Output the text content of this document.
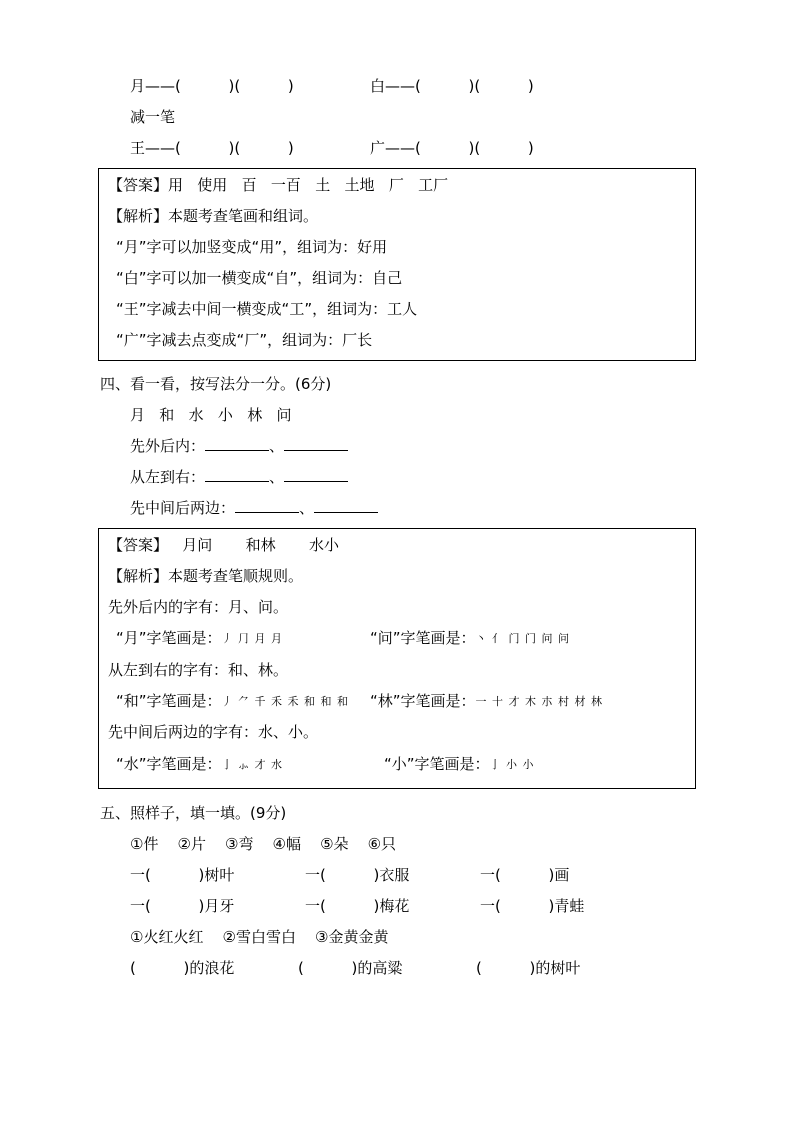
月——(          )(          )	白——(          )(          )
减一笔
王——(          )(          )	广——(          )(          )
【答案】用   使用   百   一百   土   土地   厂   工厂
【解析】本题考查笔画和组词。
“月”字可以加竖变成“用”，组词为：好用
“白”字可以加一横变成“自”，组词为：自己
“王”字减去中间一横变成“工”，组词为：工人
“广”字减去点变成“厂”，组词为：厂长
四、看一看，按写法分一分。(6分)
月   和   水   小   林   问
先外后内：	、
从左到右：	、
先中间后两边：	、
【答案】   月问       和林       水小
【解析】本题考查笔顺规则。
先外后内的字有：月、问。
“月”字笔画是：丿 ⺆ 月 月	“问”字笔画是：丶 亻 门 门 问 问
从左到右的字有：和、林。
“和”字笔画是：丿 ⺈ 千 禾 禾 和 和 和 “林”字笔画是：一 十 才 木 朩 村 材 林
先中间后两边的字有：水、小。
“水”字笔画是：亅 ⺗ 才 水	“小”字笔画是：亅 小 小
五、照样子，填一填。(9分)
①件    ②片    ③弯    ④幅    ⑤朵    ⑥只
一(          )树叶	一(          )衣服	一(          )画
一(          )月牙	一(          )梅花	一(          )青蛙
①火红火红    ②雪白雪白    ③金黄金黄
(          )的浪花	(          )的高粱	(          )的树叶
